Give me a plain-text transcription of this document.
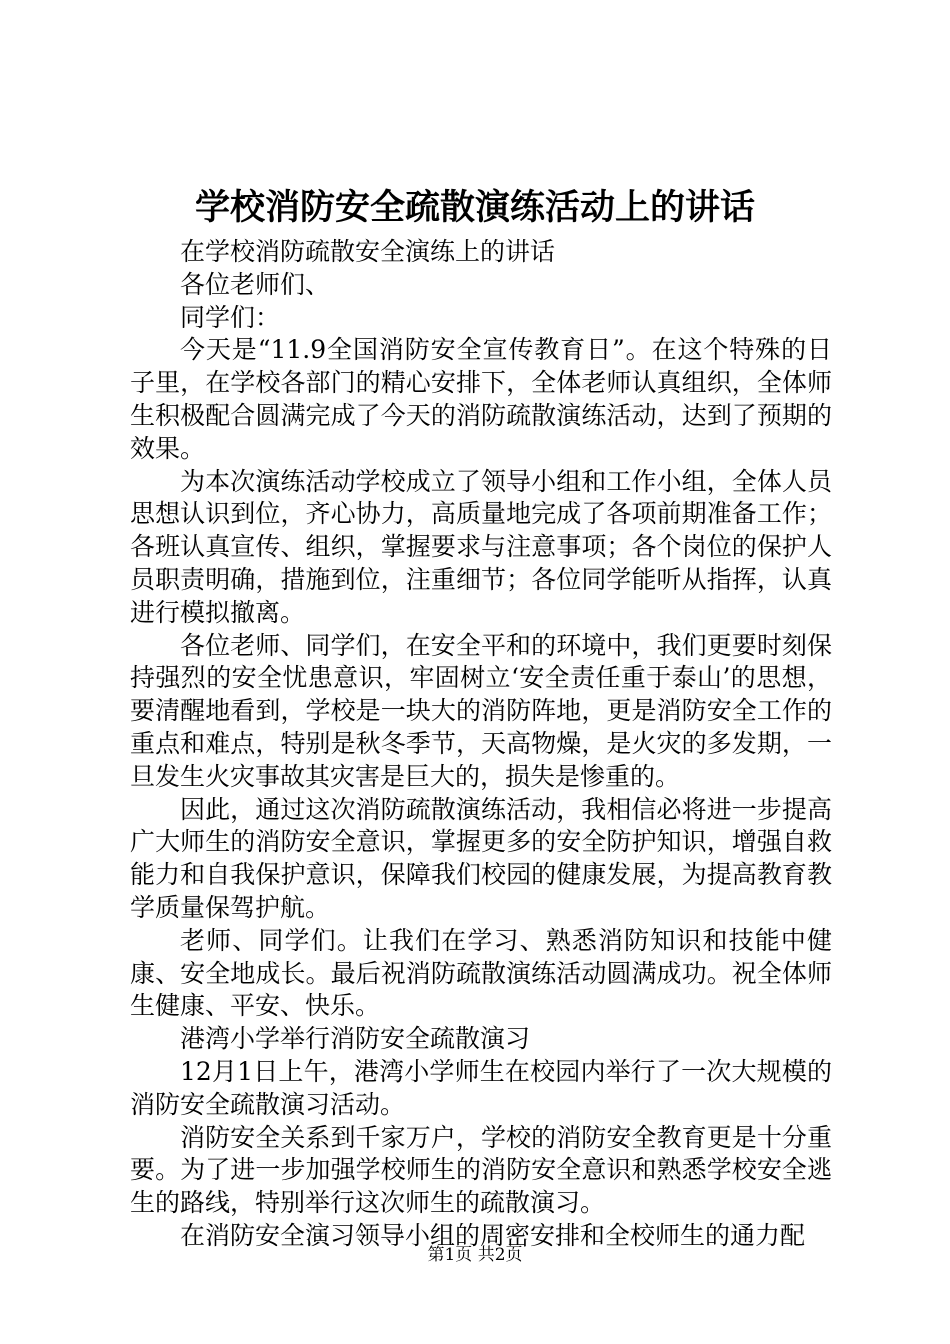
学校消防安全疏散演练活动上的讲话

在学校消防疏散安全演练上的讲话

各位老师们、

同学们：

今天是“11.9全国消防安全宣传教育日”。在这个特殊的日子里，在学校各部门的精心安排下，全体老师认真组织，全体师生积极配合圆满完成了今天的消防疏散演练活动，达到了预期的效果。

为本次演练活动学校成立了领导小组和工作小组，全体人员思想认识到位，齐心协力，高质量地完成了各项前期准备工作；各班认真宣传、组织，掌握要求与注意事项；各个岗位的保护人员职责明确，措施到位，注重细节；各位同学能听从指挥，认真进行模拟撤离。

各位老师、同学们，在安全平和的环境中，我们更要时刻保持强烈的安全忧患意识，牢固树立‘安全责任重于泰山’的思想，要清醒地看到，学校是一块大的消防阵地，更是消防安全工作的重点和难点，特别是秋冬季节，天高物燥，是火灾的多发期，一旦发生火灾事故其灾害是巨大的，损失是惨重的。

因此，通过这次消防疏散演练活动，我相信必将进一步提高广大师生的消防安全意识，掌握更多的安全防护知识，增强自救能力和自我保护意识，保障我们校园的健康发展，为提高教育教学质量保驾护航。

老师、同学们。让我们在学习、熟悉消防知识和技能中健康、安全地成长。最后祝消防疏散演练活动圆满成功。祝全体师生健康、平安、快乐。

港湾小学举行消防安全疏散演习

12月1日上午，港湾小学师生在校园内举行了一次大规模的消防安全疏散演习活动。

消防安全关系到千家万户，学校的消防安全教育更是十分重要。为了进一步加强学校师生的消防安全意识和熟悉学校安全逃生的路线，特别举行这次师生的疏散演习。

在消防安全演习领导小组的周密安排和全校师生的通力配

第1页 共2页
